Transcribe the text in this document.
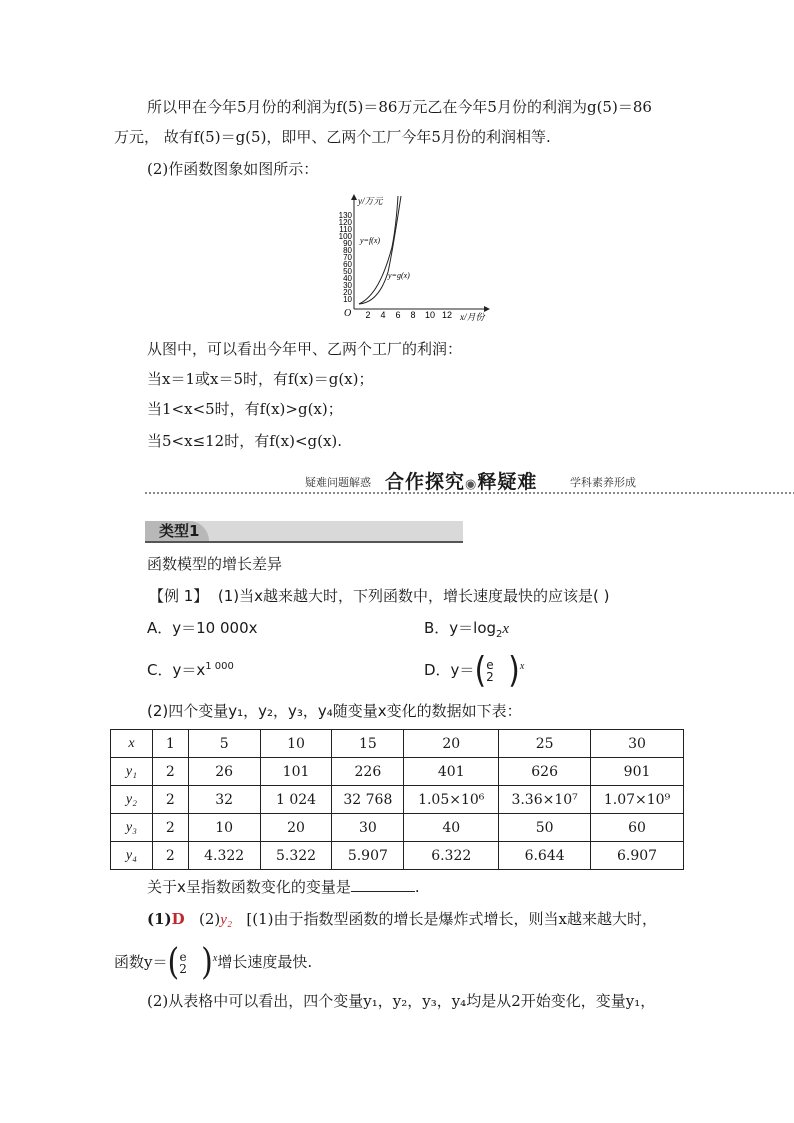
所以甲在今年5月份的利润为f(5)＝86万元乙在今年5月份的利润为g(5)＝86
万元， 故有f(5)＝g(5)，即甲、乙两个工厂今年5月份的利润相等.
(2)作函数图象如图所示：
y/万元
x/月份
O
130
120
110
100
90
80
70
60
50
40
30
20
10
2 4 6 8 10 12
y=f(x)
y=g(x)
从图中，可以看出今年甲、乙两个工厂的利润：
当x＝1或x＝5时，有f(x)＝g(x)；
当1<x<5时，有f(x)>g(x)；
当5<x≤12时，有f(x)<g(x).
疑难问题解惑 合作探究◉释疑难	学科素养形成
类型1
函数模型的增长差异
【例 1】 (1)当x越来越大时，下列函数中，增长速度最快的应该是( )
A．y＝10 000x	B．$y=\log_2x$
C．$y=x^{1 000}$	D．y＝(e
2 )$^x$
(2)四个变量y₁，y₂，y₃，y₄随变量x变化的数据如下表：
x	1	5	10	15	20	25	30
y₁	2	26	101	226	401	626	901
y₂	2	32	1 024	32 768	1.05×10⁶	3.36×10⁷	1.07×10⁹
y₃	2	10	20	30	40	50	60
y₄	2	4.322	5.322	5.907	6.322	6.644	6.907
关于x呈指数函数变化的变量是	.
(1)D (2)y₂ [(1)由于指数型函数的增长是爆炸式增长，则当x越来越大时，
函数y＝(e
2 )$^x$增长速度最快.
(2)从表格中可以看出，四个变量y₁，y₂，y₃，y₄均是从2开始变化，变量y₁，
